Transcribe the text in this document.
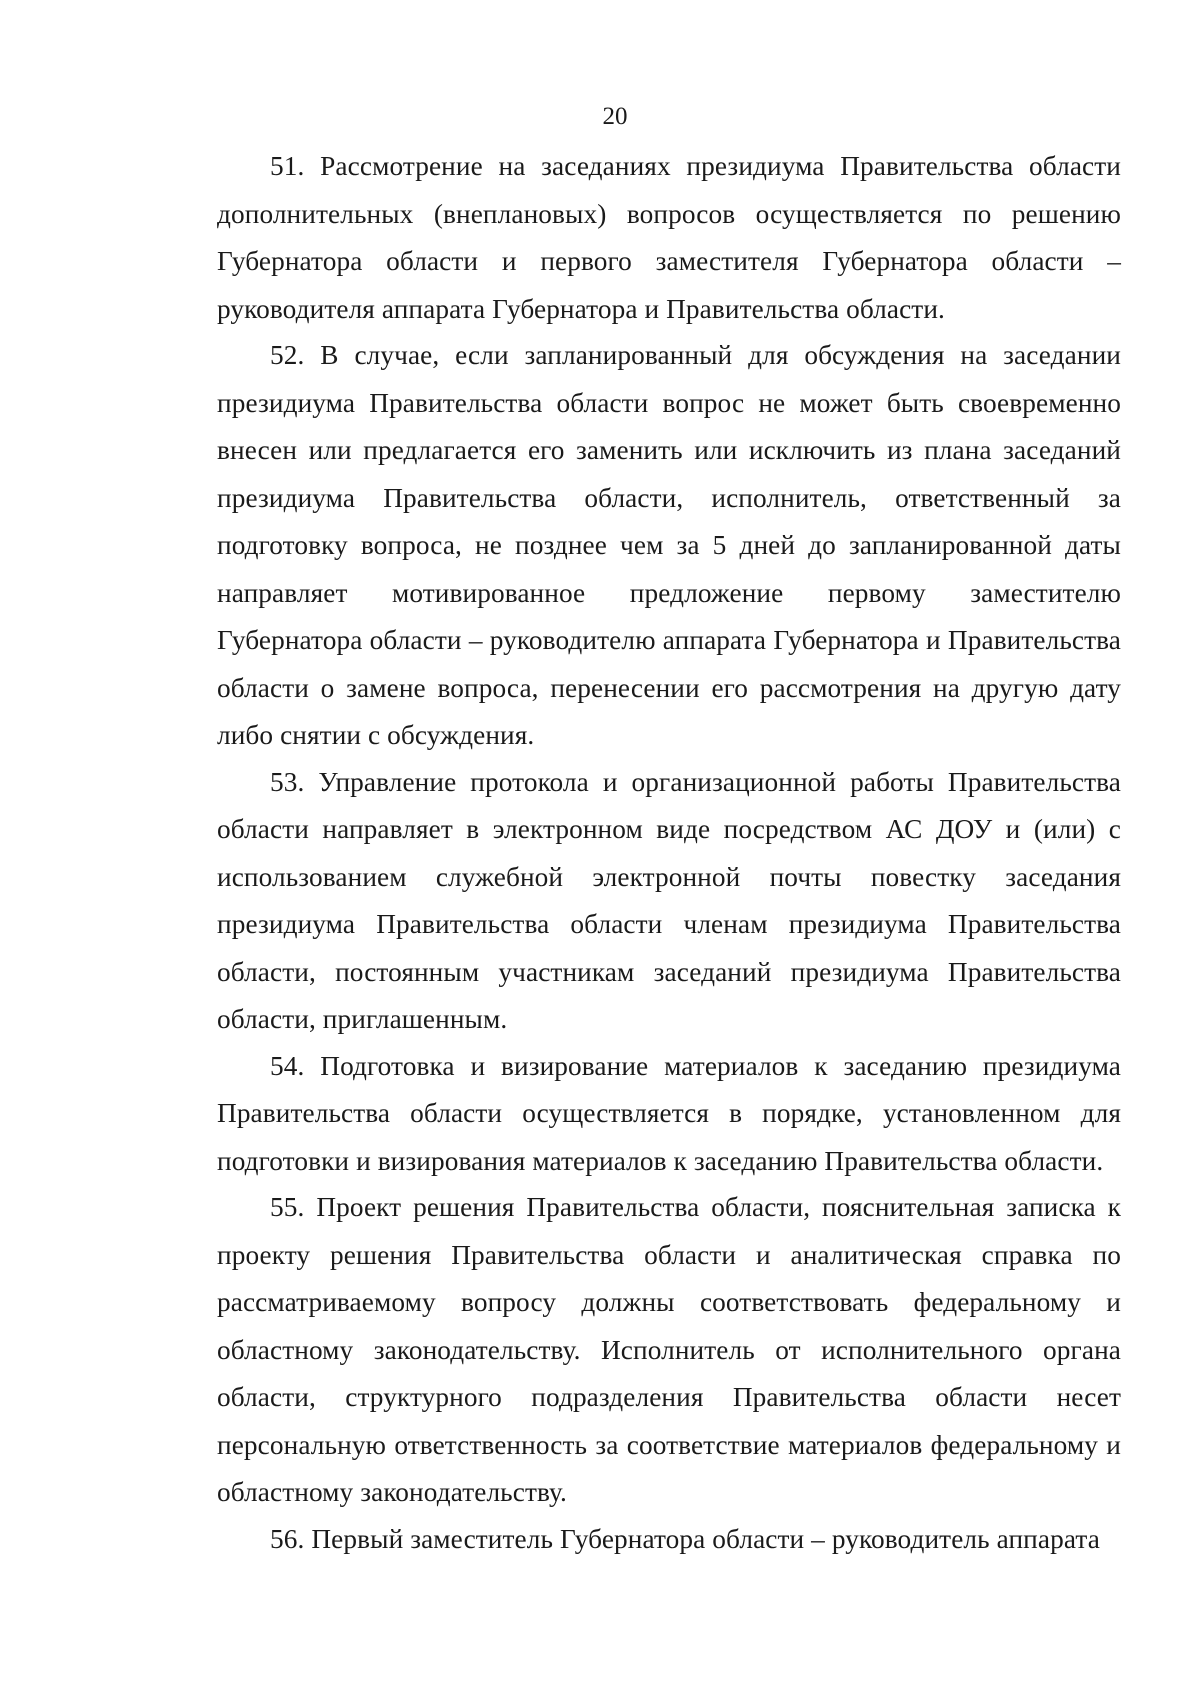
20

51. Рассмотрение на заседаниях президиума Правительства области дополнительных (внеплановых) вопросов осуществляется по решению Губернатора области и первого заместителя Губернатора области – руководителя аппарата Губернатора и Правительства области.

52. В случае, если запланированный для обсуждения на заседании президиума Правительства области вопрос не может быть своевременно внесен или предлагается его заменить или исключить из плана заседаний президиума Правительства области, исполнитель, ответственный за подготовку вопроса, не позднее чем за 5 дней до запланированной даты направляет мотивированное предложение первому заместителю Губернатора области – руководителю аппарата Губернатора и Правительства области о замене вопроса, перенесении его рассмотрения на другую дату либо снятии с обсуждения.

53. Управление протокола и организационной работы Правительства области направляет в электронном виде посредством АС ДОУ и (или) с использованием служебной электронной почты повестку заседания президиума Правительства области членам президиума Правительства области, постоянным участникам заседаний президиума Правительства области, приглашенным.

54. Подготовка и визирование материалов к заседанию президиума Правительства области осуществляется в порядке, установленном для подготовки и визирования материалов к заседанию Правительства области.

55. Проект решения Правительства области, пояснительная записка к проекту решения Правительства области и аналитическая справка по рассматриваемому вопросу должны соответствовать федеральному и областному законодательству. Исполнитель от исполнительного органа области, структурного подразделения Правительства области несет персональную ответственность за соответствие материалов федеральному и областному законодательству.

56. Первый заместитель Губернатора области – руководитель аппарата
